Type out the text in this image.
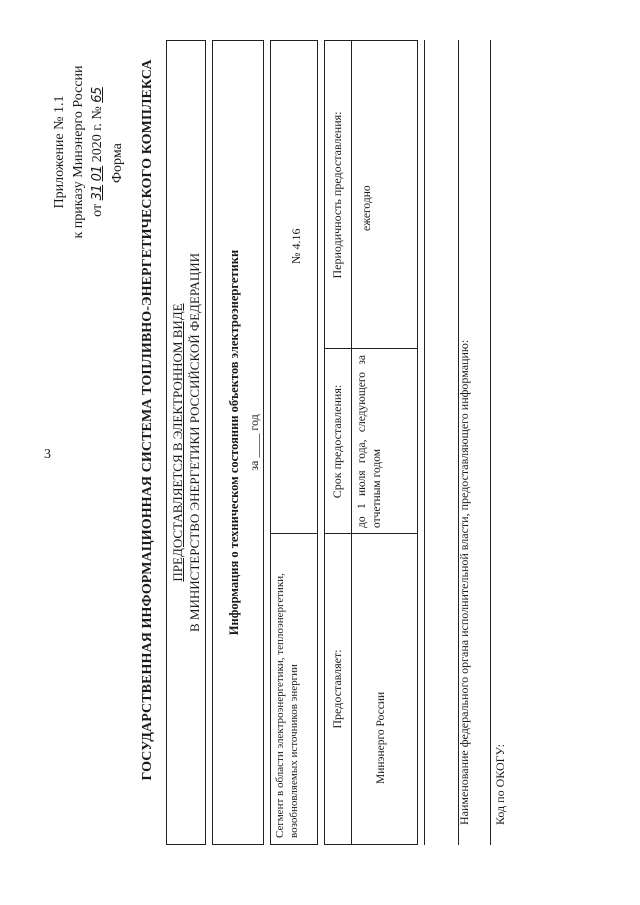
3
Приложение № 1.1 к приказу Минэнерго России от 31 01 2020 г. № 65
Форма ГОСУДАРСТВЕННАЯ ИНФОРМАЦИОННАЯ СИСТЕМА ТОПЛИВНО-ЭНЕРГЕТИЧЕСКОГО КОМПЛЕКСА ПРЕДОСТАВЛЯЕТСЯ В ЭЛЕКТРОННОМ ВИДЕ В МИНИСТЕРСТВО ЭНЕРГЕТИКИ РОССИЙСКОЙ ФЕДЕРАЦИИ Информация о техническом состоянии объектов электроэнергетики за ____ год
Сегмент в области электроэнергетики, теплоэнергетики, возобновляемых источников энергии
№ 4.16
Предоставляет:
Срок предоставления:
Периодичность предоставления:
Минэнерго России
до 1 июля года, следующего за отчетным годом
ежегодно
Наименование федерального органа исполнительной власти, предоставляющего информацию: Код по ОКОГУ:
